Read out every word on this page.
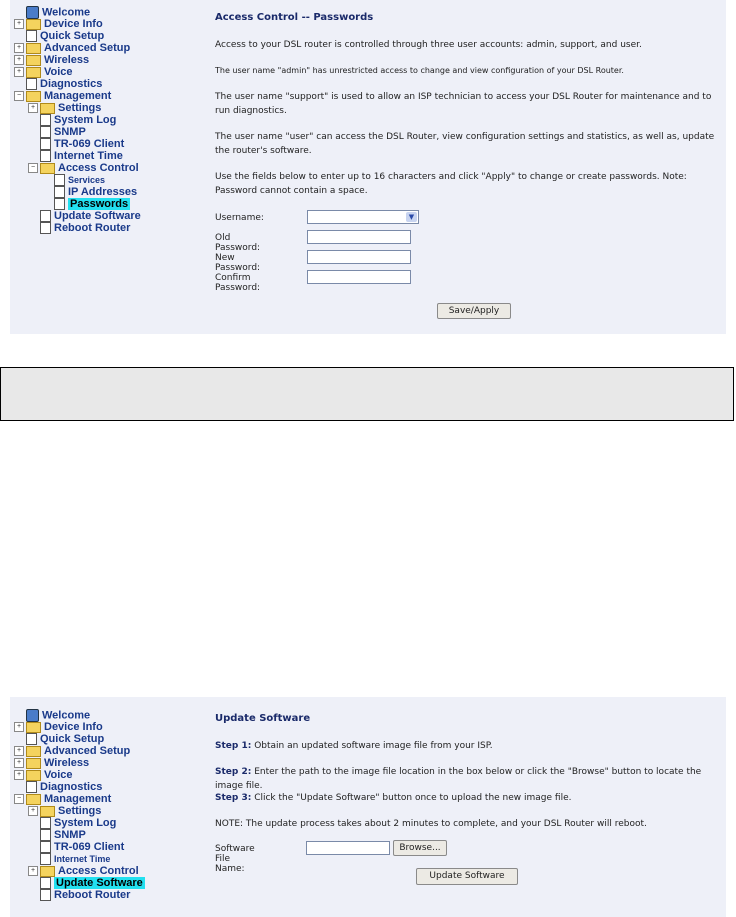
Welcome
+ Device Info
Quick Setup
+ Advanced Setup
+ Wireless
+ Voice
Diagnostics
− Management
+ Settings
System Log
SNMP
TR-069 Client
Internet Time
− Access Control
Services
IP Addresses
Passwords
Update Software
Reboot Router
Access Control -- Passwords

Access to your DSL router is controlled through three user accounts: admin, support, and user.

The user name "admin" has unrestricted access to change and view configuration of your DSL Router.

The user name "support" is used to allow an ISP technician to access your DSL Router for maintenance and to run diagnostics.

The user name "user" can access the DSL Router, view configuration settings and statistics, as well as, update the router's software.

Use the fields below to enter up to 16 characters and click "Apply" to change or create passwords. Note: Password cannot contain a space.

Username:	▼
Old Password:
New Password:
Confirm Password:
Save/Apply
Welcome
+ Device Info
Quick Setup
+ Advanced Setup
+ Wireless
+ Voice
Diagnostics
− Management
+ Settings
System Log
SNMP
TR-069 Client
Internet Time
+ Access Control
Update Software
Reboot Router
Update Software

Step 1: Obtain an updated software image file from your ISP.

Step 2: Enter the path to the image file location in the box below or click the "Browse" button to locate the image file.

Step 3: Click the "Update Software" button once to upload the new image file.

NOTE: The update process takes about 2 minutes to complete, and your DSL Router will reboot.

Software File Name:
Browse...
Update Software
